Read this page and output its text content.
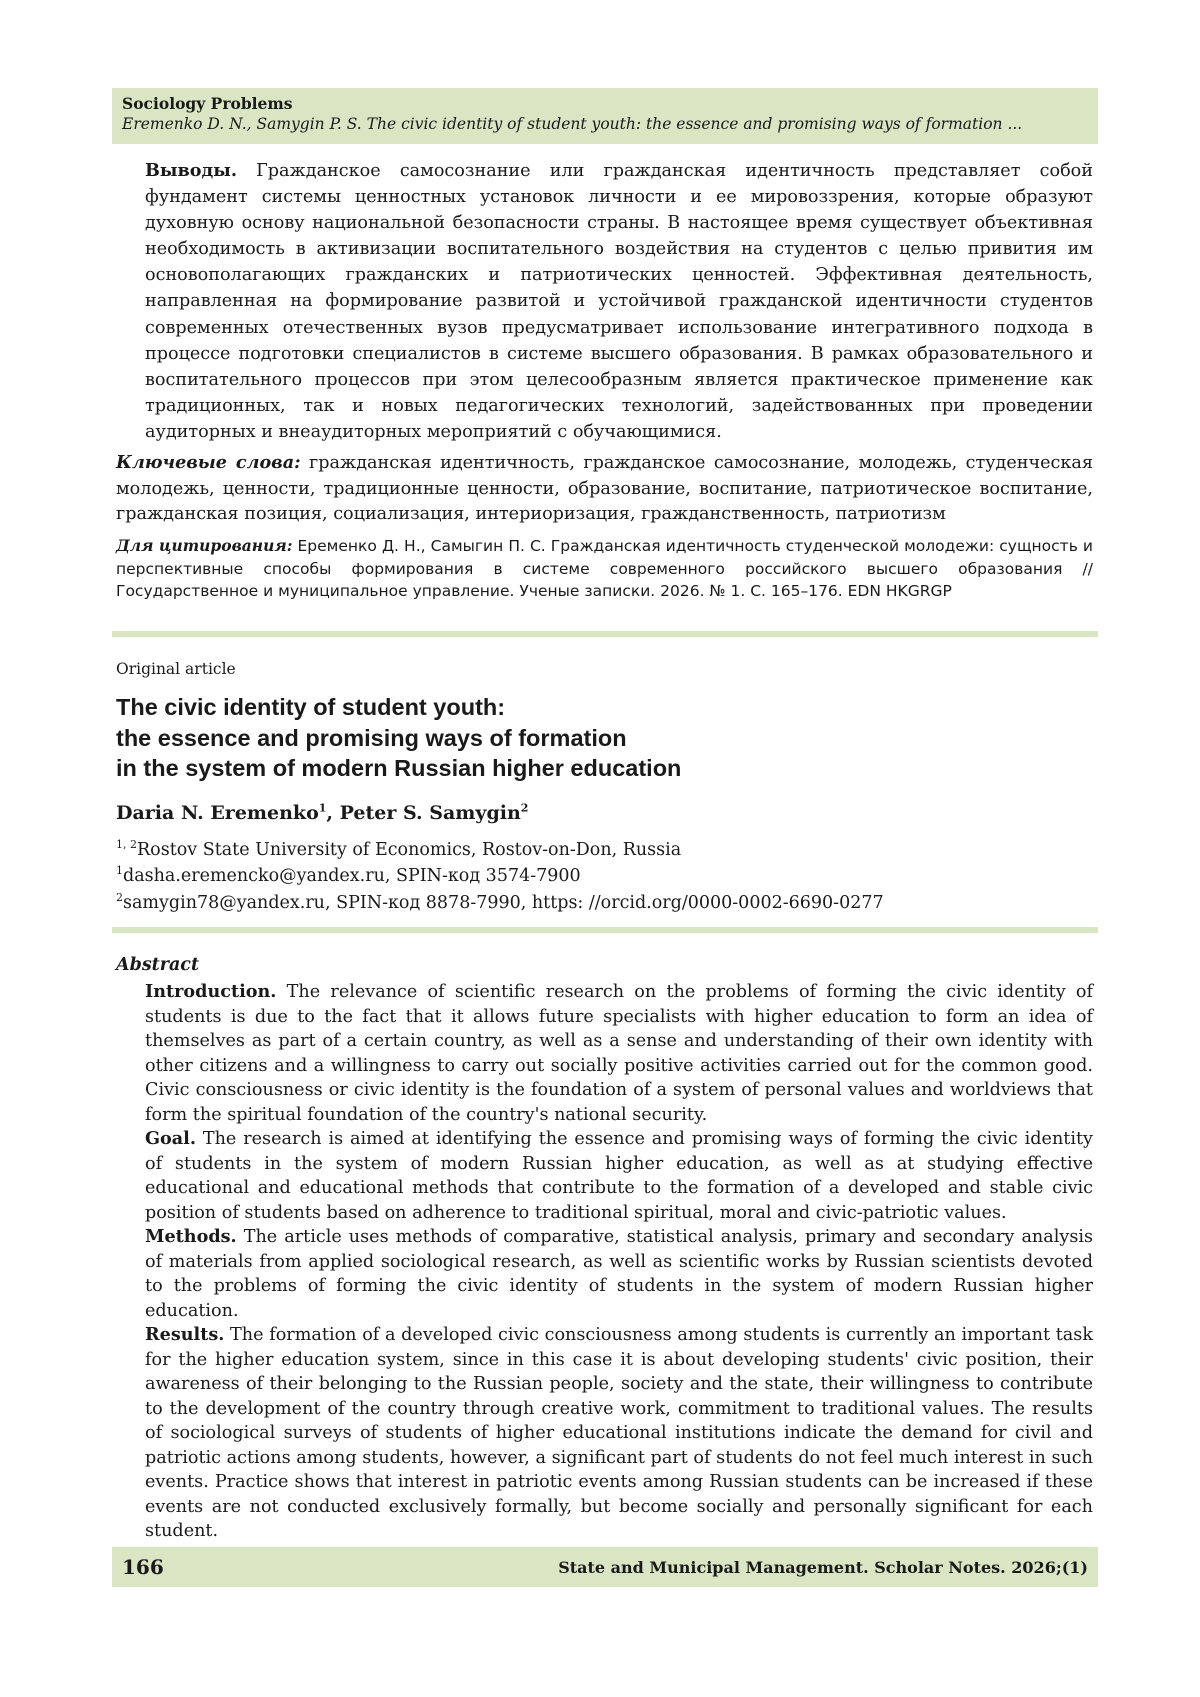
Sociology Problems
Eremenko D. N., Samygin P. S. The civic identity of student youth: the essence and promising ways of formation ...
Выводы. Гражданское самосознание или гражданская идентичность представляет собой фундамент системы ценностных установок личности и ее мировоззрения, которые образуют духовную основу национальной безопасности страны. В настоящее время существует объективная необходимость в активизации воспитательного воздействия на студентов с целью привития им основополагающих гражданских и патриотических ценностей. Эффективная деятельность, направленная на формирование развитой и устойчивой гражданской идентичности студентов современных отечественных вузов предусматривает использование интегративного подхода в процессе подготовки специалистов в системе высшего образования. В рамках образовательного и воспитательного процессов при этом целесообразным является практическое применение как традиционных, так и новых педагогических технологий, задействованных при проведении аудиторных и внеаудиторных мероприятий с обучающимися.
Ключевые слова: гражданская идентичность, гражданское самосознание, молодежь, студенческая молодежь, ценности, традиционные ценности, образование, воспитание, патриотическое воспитание, гражданская позиция, социализация, интериоризация, гражданственность, патриотизм
Для цитирования: Еременко Д. Н., Самыгин П. С. Гражданская идентичность студенческой молодежи: сущность и перспективные способы формирования в системе современного российского высшего образования // Государственное и муниципальное управление. Ученые записки. 2026. № 1. С. 165–176. EDN HKGRGP
Original article
The civic identity of student youth:
the essence and promising ways of formation
in the system of modern Russian higher education
Daria N. Eremenko$^1$, Peter S. Samygin$^2$
$^{1, 2}$Rostov State University of Economics, Rostov-on-Don, Russia
$^1$dasha.eremencko@yandex.ru, SPIN-код 3574-7900
$^2$samygin78@yandex.ru, SPIN-код 8878-7990, https: //orcid.org/0000-0002-6690-0277
Abstract

Introduction. The relevance of scientific research on the problems of forming the civic identity of students is due to the fact that it allows future specialists with higher education to form an idea of themselves as part of a certain country, as well as a sense and understanding of their own identity with other citizens and a willingness to carry out socially positive activities carried out for the common good. Civic consciousness or civic identity is the foundation of a system of personal values and worldviews that form the spiritual foundation of the country's national security.

Goal. The research is aimed at identifying the essence and promising ways of forming the civic identity of students in the system of modern Russian higher education, as well as at studying effective educational and educational methods that contribute to the formation of a developed and stable civic position of students based on adherence to traditional spiritual, moral and civic-patriotic values.

Methods. The article uses methods of comparative, statistical analysis, primary and secondary analysis of materials from applied sociological research, as well as scientific works by Russian scientists devoted to the problems of forming the civic identity of students in the system of modern Russian higher education.

Results. The formation of a developed civic consciousness among students is currently an important task for the higher education system, since in this case it is about developing students' civic position, their awareness of their belonging to the Russian people, society and the state, their willingness to contribute to the development of the country through creative work, commitment to traditional values. The results of sociological surveys of students of higher educational institutions indicate the demand for civil and patriotic actions among students, however, a significant part of students do not feel much interest in such events. Practice shows that interest in patriotic events among Russian students can be increased if these events are not conducted exclusively formally, but become socially and personally significant for each student.

166	State and Municipal Management. Scholar Notes. 2026;(1)
